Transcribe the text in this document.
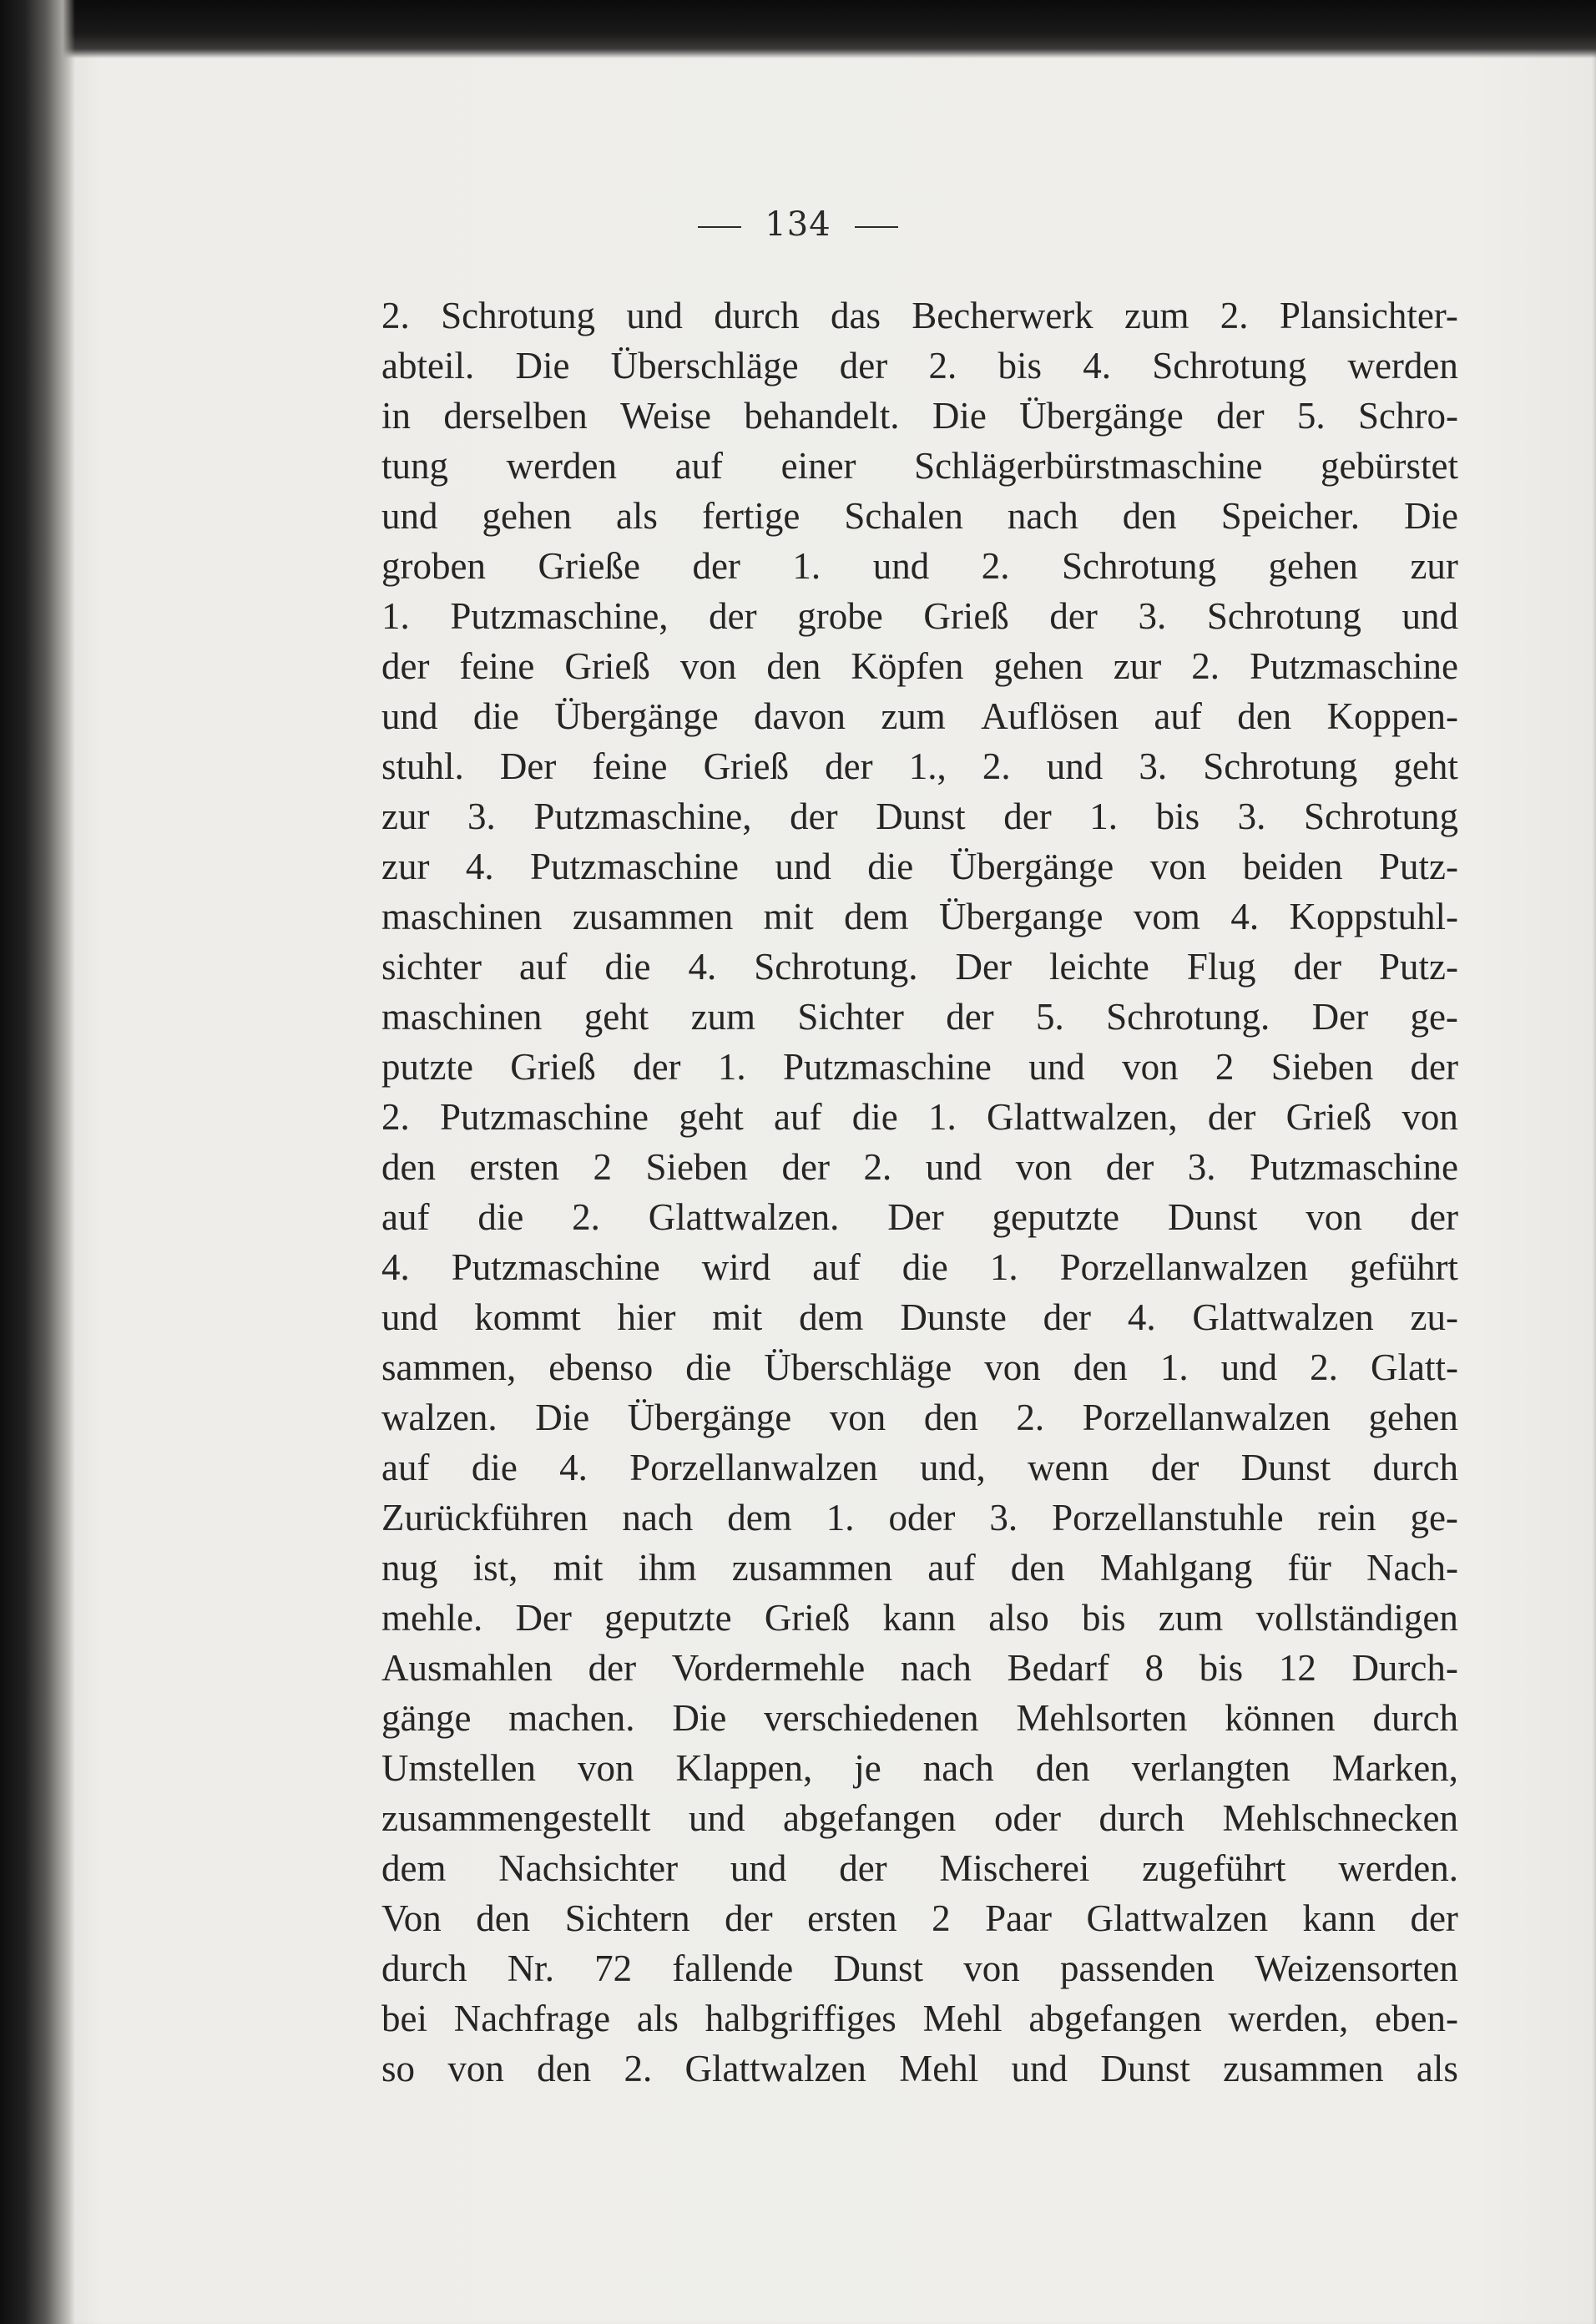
134
2. Schrotung und durch das Becherwerk zum 2. Plansichter-
abteil. Die Überschläge der 2. bis 4. Schrotung werden
in derselben Weise behandelt. Die Übergänge der 5. Schro-
tung werden auf einer Schlägerbürstmaschine gebürstet
und gehen als fertige Schalen nach den Speicher. Die
groben Grieße der 1. und 2. Schrotung gehen zur
1. Putzmaschine, der grobe Grieß der 3. Schrotung und
der feine Grieß von den Köpfen gehen zur 2. Putzmaschine
und die Übergänge davon zum Auflösen auf den Koppen-
stuhl. Der feine Grieß der 1., 2. und 3. Schrotung geht
zur 3. Putzmaschine, der Dunst der 1. bis 3. Schrotung
zur 4. Putzmaschine und die Übergänge von beiden Putz-
maschinen zusammen mit dem Übergange vom 4. Koppstuhl-
sichter auf die 4. Schrotung. Der leichte Flug der Putz-
maschinen geht zum Sichter der 5. Schrotung. Der ge-
putzte Grieß der 1. Putzmaschine und von 2 Sieben der
2. Putzmaschine geht auf die 1. Glattwalzen, der Grieß von
den ersten 2 Sieben der 2. und von der 3. Putzmaschine
auf die 2. Glattwalzen. Der geputzte Dunst von der
4. Putzmaschine wird auf die 1. Porzellanwalzen geführt
und kommt hier mit dem Dunste der 4. Glattwalzen zu-
sammen, ebenso die Überschläge von den 1. und 2. Glatt-
walzen. Die Übergänge von den 2. Porzellanwalzen gehen
auf die 4. Porzellanwalzen und, wenn der Dunst durch
Zurückführen nach dem 1. oder 3. Porzellanstuhle rein ge-
nug ist, mit ihm zusammen auf den Mahlgang für Nach-
mehle. Der geputzte Grieß kann also bis zum vollständigen
Ausmahlen der Vordermehle nach Bedarf 8 bis 12 Durch-
gänge machen. Die verschiedenen Mehlsorten können durch
Umstellen von Klappen, je nach den verlangten Marken,
zusammengestellt und abgefangen oder durch Mehlschnecken
dem Nachsichter und der Mischerei zugeführt werden.
Von den Sichtern der ersten 2 Paar Glattwalzen kann der
durch Nr. 72 fallende Dunst von passenden Weizensorten
bei Nachfrage als halbgriffiges Mehl abgefangen werden, eben-
so von den 2. Glattwalzen Mehl und Dunst zusammen als
